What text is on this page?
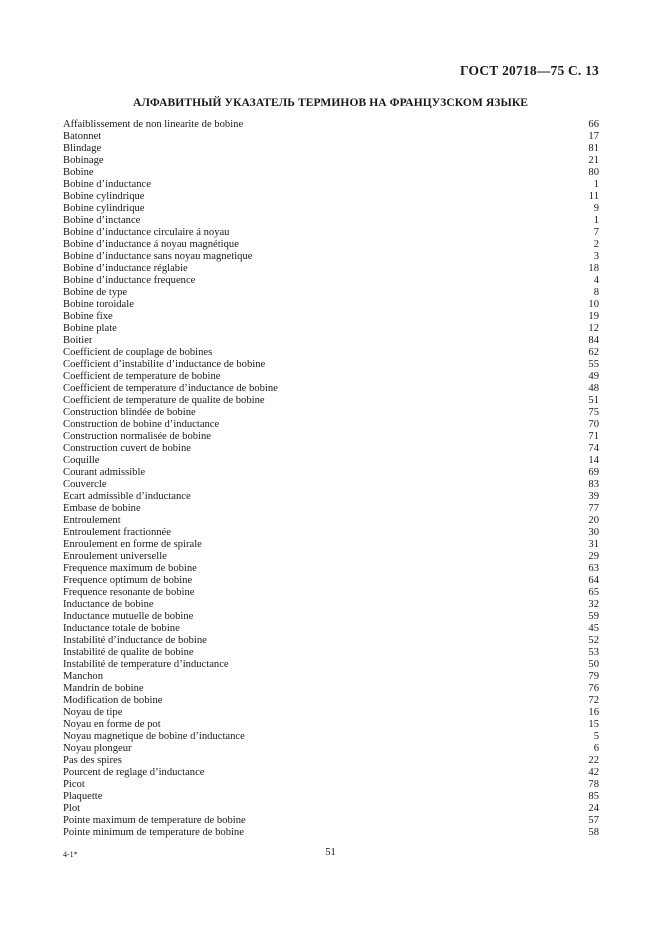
ГОСТ 20718—75 С. 13
АЛФАВИТНЫЙ УКАЗАТЕЛЬ ТЕРМИНОВ НА ФРАНЦУЗСКОМ ЯЗЫКЕ
Affaiblissement de non linearite de bobine	66
Batonnet	17
Blindage	81
Bobinage	21
Bobine	80
Bobine d’inductance	1
Bobine cylindrique	11
Bobine cylindrique	9
Bobine d’inctance	1
Bobine d’inductance circulaire á noyau	7
Bobine d’inductance á noyau magnétique	2
Bobine d’inductance sans noyau magnetique	3
Bobine d’inductance réglabie	18
Bobine d’inductance frequence	4
Bobine de type	8
Bobine toroidale	10
Bobine fixe	19
Bobine plate	12
Boitier	84
Coefficient de couplage de bobines	62
Coefficient d’instabilite d’inductance de bobine	55
Coefficient de temperature de bobine	49
Coefficient de temperature d’inductance de bobine	48
Coefficient de temperature de qualite de bobine	51
Construction blindée de bobine	75
Construction de bobine d’inductance	70
Construction normalisée de bobine	71
Construction cuvert de bobine	74
Coquille	14
Courant admissible	69
Couvercle	83
Ecart admissible d’inductance	39
Embase de bobine	77
Entroulement	20
Entroulement fractionnée	30
Enroulement en forme de spirale	31
Enroulement universelle	29
Frequence maximum de bobine	63
Frequence optimum de bobine	64
Frequence resonante de bobine	65
Inductance de bobine	32
Inductance mutuelle de bobine	59
Inductance totale de bobine	45
Instabilité d’inductance de bobine	52
Instabilité de qualite de bobine	53
Instabilité de temperature d’inductance	50
Manchon	79
Mandrin de bobine	76
Modification de bobine	72
Noyau de tipe	16
Noyau en forme de pot	15
Noyau magnetique de bobine d’inductance	5
Noyau plongeur	6
Pas des spires	22
Pourcent de reglage d’inductance	42
Picot	78
Plaquette	85
Plot	24
Pointe maximum de temperature de bobine	57
Pointe minimum de temperature de bobine	58
4-1*	51
